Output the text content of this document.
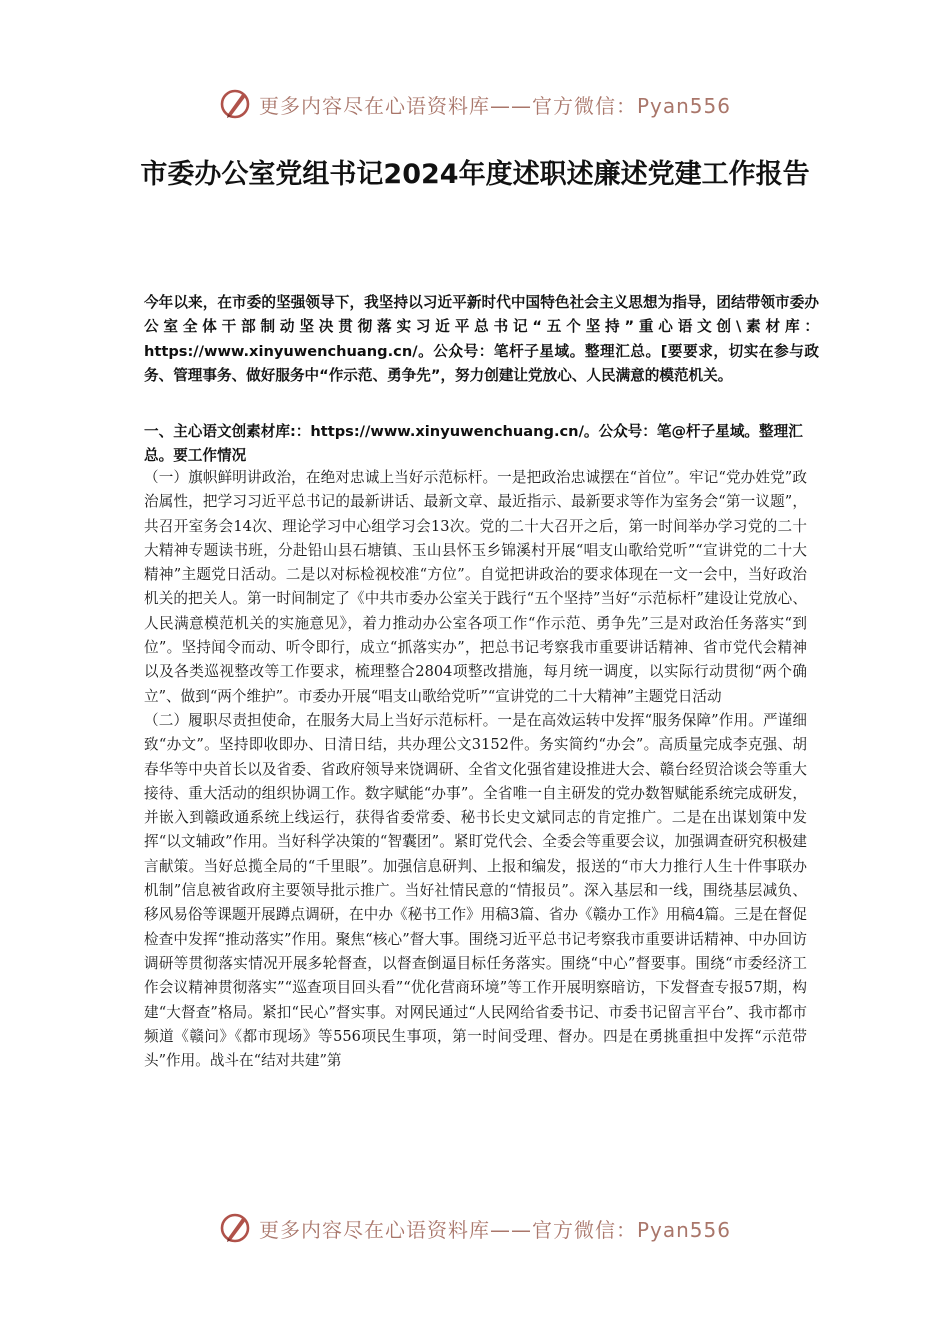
更多内容尽在心语资料库——官方微信：Pyan556
市委办公室党组书记2024年度述职述廉述党建工作报告

今年以来，在市委的坚强领导下，我坚持以习近平新时代中国特色社会主义思想为指导，团结带领市委办公室全体干部制动坚决贯彻落实习近平总书记“五个坚持”重心语文创\素材库：https://www.xinyuwenchuang.cn/。公众号：笔杆子星域。整理汇总。[要要求，切实在参与政务、管理事务、做好服务中“作示范、勇争先”，努力创建让党放心、人民满意的模范机关。

一、主心语文创素材库:：https://www.xinyuwenchuang.cn/。公众号：笔@杆子星域。整理汇总。要工作情况

（一）旗帜鲜明讲政治，在绝对忠诚上当好示范标杆。一是把政治忠诚摆在“首位”。牢记“党办姓党”政治属性，把学习习近平总书记的最新讲话、最新文章、最近指示、最新要求等作为室务会“第一议题”，共召开室务会14次、理论学习中心组学习会13次。党的二十大召开之后，第一时间举办学习党的二十大精神专题读书班，分赴铅山县石塘镇、玉山县怀玉乡锦溪村开展“唱支山歌给党听”“宣讲党的二十大精神”主题党日活动。二是以对标检视校准“方位”。自觉把讲政治的要求体现在一文一会中，当好政治机关的把关人。第一时间制定了《中共市委办公室关于践行“五个坚持”当好“示范标杆”建设让党放心、人民满意模范机关的实施意见》，着力推动办公室各项工作“作示范、勇争先”三是对政治任务落实“到位”。坚持闻令而动、听令即行，成立“抓落实办”，把总书记考察我市重要讲话精神、省市党代会精神以及各类巡视整改等工作要求，梳理整合2804项整改措施，每月统一调度，以实际行动贯彻“两个确立”、做到“两个维护”。市委办开展“唱支山歌给党听”“宣讲党的二十大精神”主题党日活动

（二）履职尽责担使命，在服务大局上当好示范标杆。一是在高效运转中发挥“服务保障”作用。严谨细致“办文”。坚持即收即办、日清日结，共办理公文3152件。务实简约“办会”。高质量完成李克强、胡春华等中央首长以及省委、省政府领导来饶调研、全省文化强省建设推进大会、赣台经贸洽谈会等重大接待、重大活动的组织协调工作。数字赋能“办事”。全省唯一自主研发的党办数智赋能系统完成研发，并嵌入到赣政通系统上线运行，获得省委常委、秘书长史文斌同志的肯定推广。二是在出谋划策中发挥“以文辅政”作用。当好科学决策的“智囊团”。紧盯党代会、全委会等重要会议，加强调查研究积极建言献策。当好总揽全局的“千里眼”。加强信息研判、上报和编发，报送的“市大力推行人生十件事联办机制”信息被省政府主要领导批示推广。当好社情民意的“情报员”。深入基层和一线，围绕基层减负、移风易俗等课题开展蹲点调研，在中办《秘书工作》用稿3篇、省办《赣办工作》用稿4篇。三是在督促检查中发挥“推动落实”作用。聚焦“核心”督大事。围绕习近平总书记考察我市重要讲话精神、中办回访调研等贯彻落实情况开展多轮督查，以督查倒逼目标任务落实。围绕“中心”督要事。围绕“市委经济工作会议精神贯彻落实”“巡查项目回头看”“优化营商环境”等工作开展明察暗访，下发督查专报57期，构建“大督查”格局。紧扣“民心”督实事。对网民通过“人民网给省委书记、市委书记留言平台”、我市都市频道《赣问》《都市现场》等556项民生事项，第一时间受理、督办。四是在勇挑重担中发挥“示范带头”作用。战斗在“结对共建”第

更多内容尽在心语资料库——官方微信：Pyan556
